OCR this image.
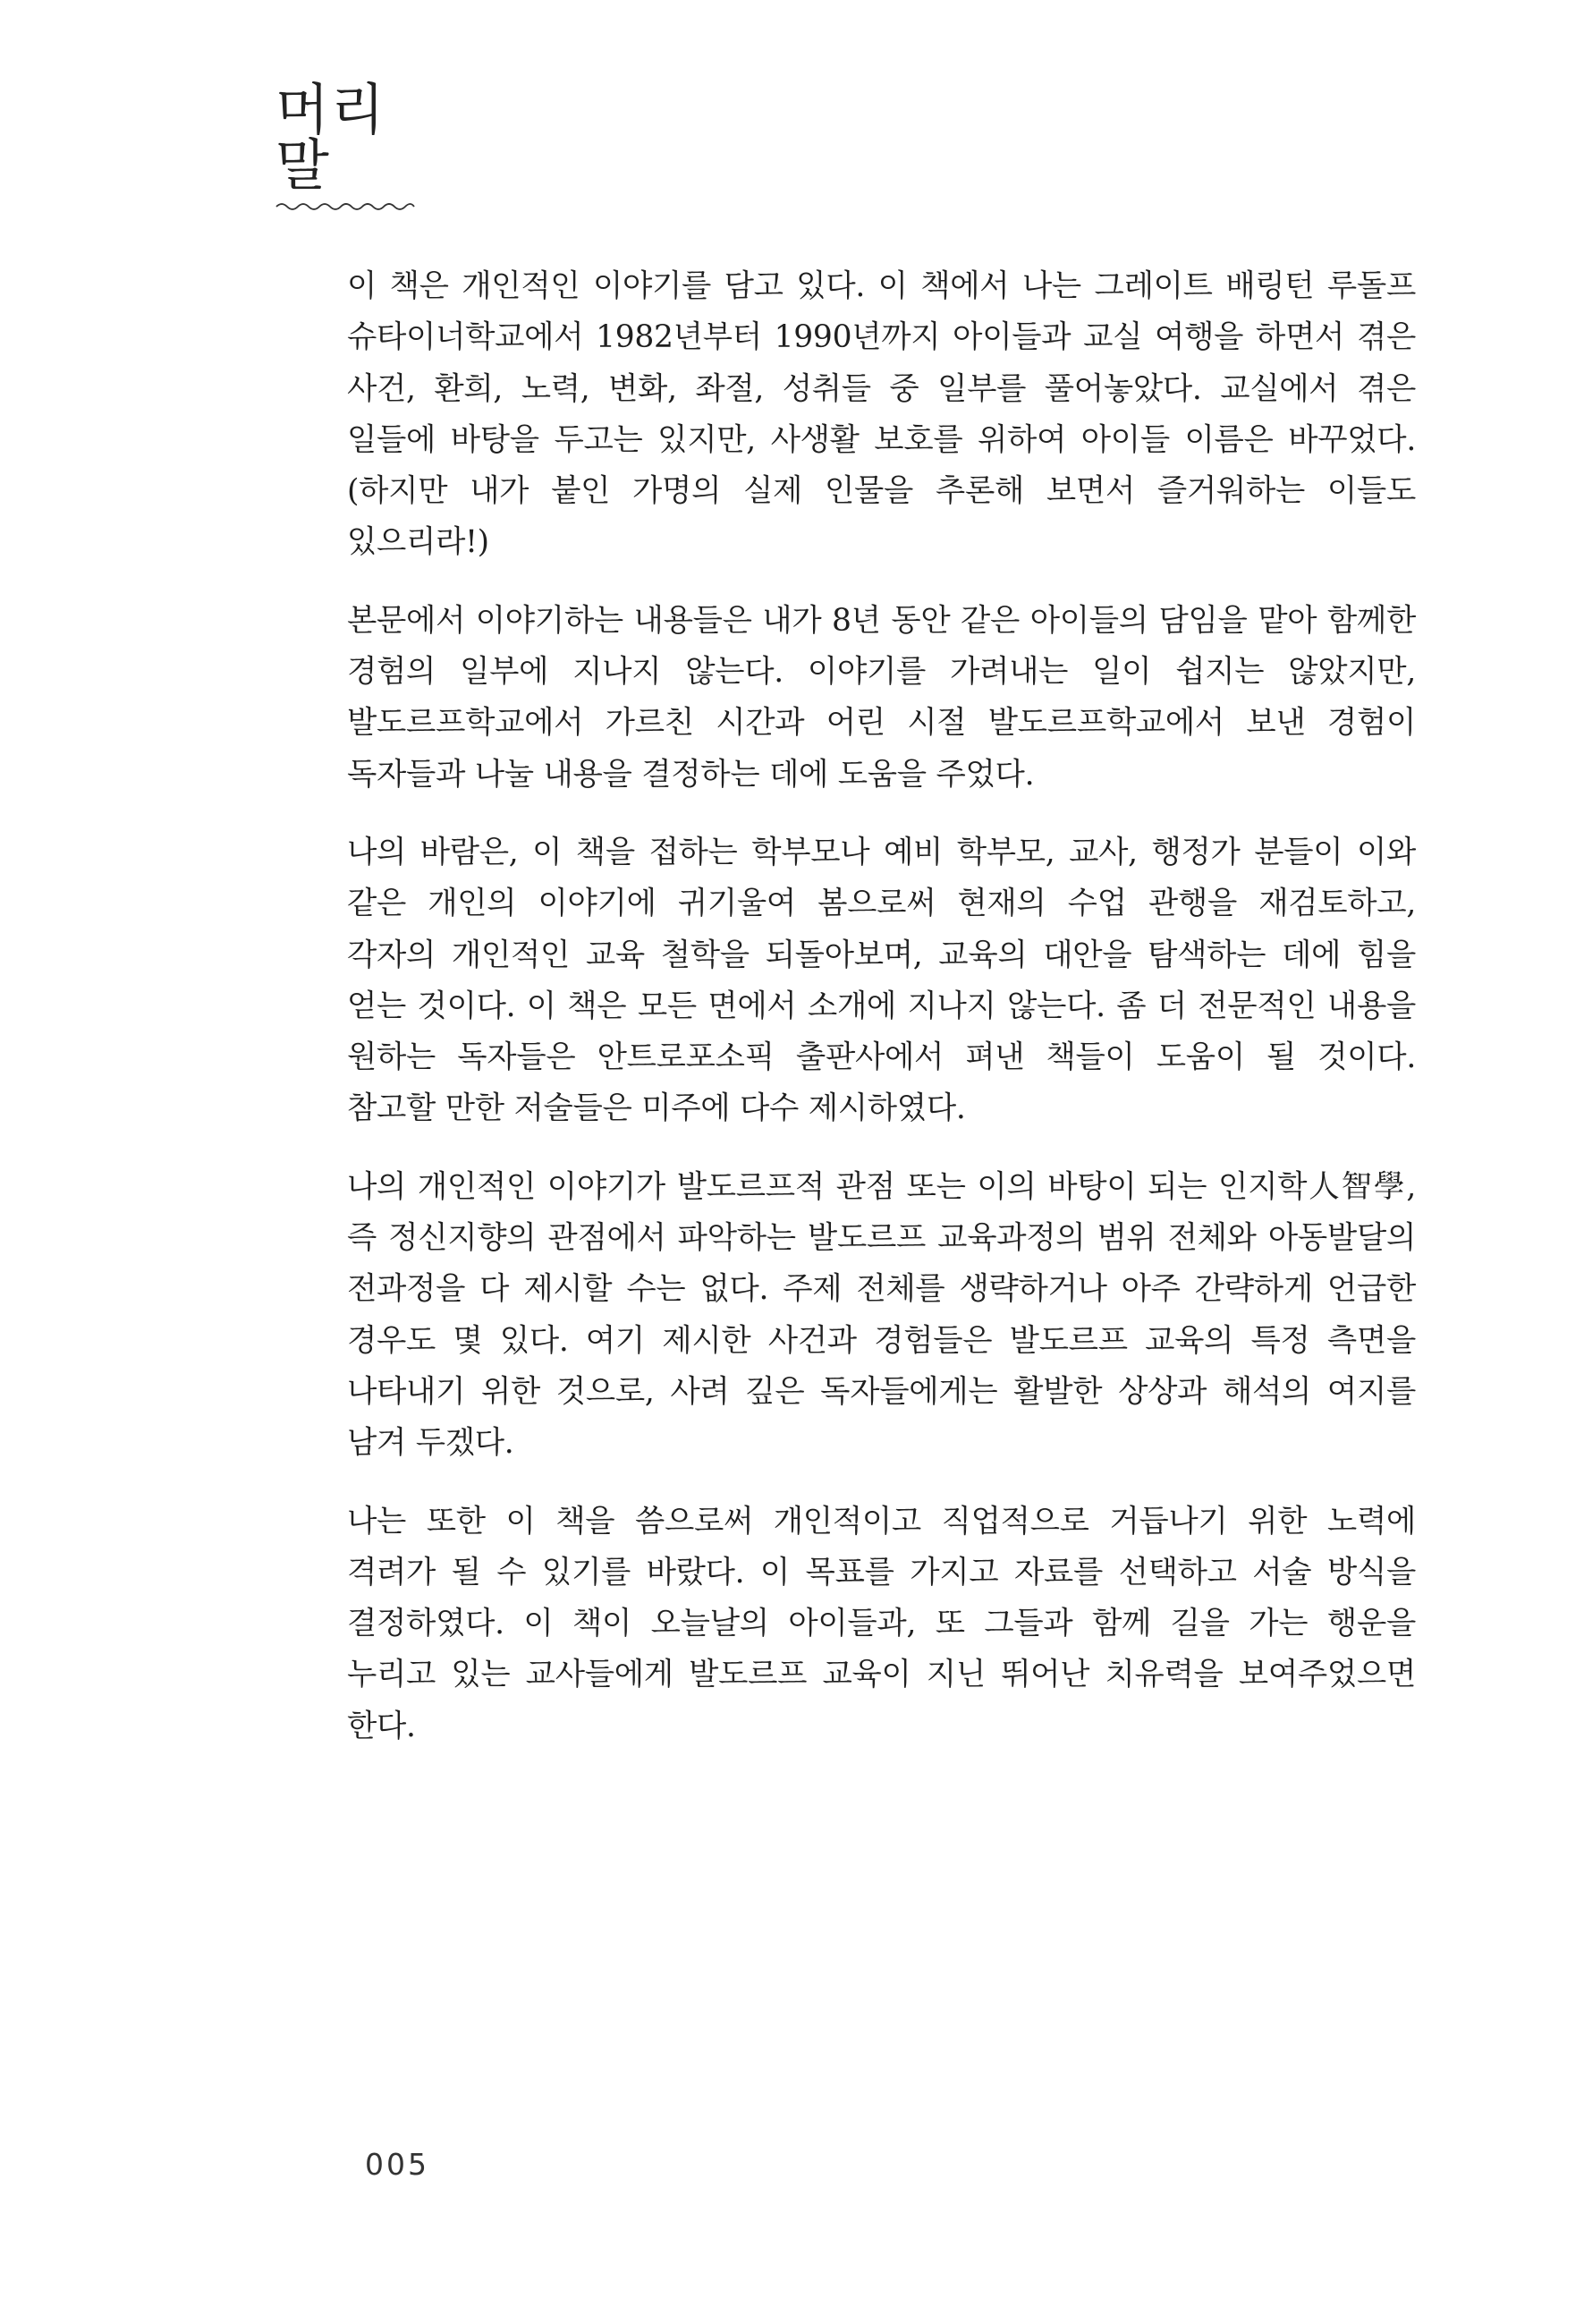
머리말

이 책은 개인적인 이야기를 담고 있다. 이 책에서 나는 그레이트 배링턴 루돌프 슈타이너학교에서 1982년부터 1990년까지 아이들과 교실 여행을 하면서 겪은 사건, 환희, 노력, 변화, 좌절, 성취들 중 일부를 풀어놓았다. 교실에서 겪은 일들에 바탕을 두고는 있지만, 사생활 보호를 위하여 아이들 이름은 바꾸었다. (하지만 내가 붙인 가명의 실제 인물을 추론해 보면서 즐거워하는 이들도 있으리라!)

본문에서 이야기하는 내용들은 내가 8년 동안 같은 아이들의 담임을 맡아 함께한 경험의 일부에 지나지 않는다. 이야기를 가려내는 일이 쉽지는 않았지만, 발도르프학교에서 가르친 시간과 어린 시절 발도르프학교에서 보낸 경험이 독자들과 나눌 내용을 결정하는 데에 도움을 주었다.

나의 바람은, 이 책을 접하는 학부모나 예비 학부모, 교사, 행정가 분들이 이와 같은 개인의 이야기에 귀기울여 봄으로써 현재의 수업 관행을 재검토하고, 각자의 개인적인 교육 철학을 되돌아보며, 교육의 대안을 탐색하는 데에 힘을 얻는 것이다. 이 책은 모든 면에서 소개에 지나지 않는다. 좀 더 전문적인 내용을 원하는 독자들은 안트로포소픽 출판사에서 펴낸 책들이 도움이 될 것이다. 참고할 만한 저술들은 미주에 다수 제시하였다.

나의 개인적인 이야기가 발도르프적 관점 또는 이의 바탕이 되는 인지학人智學, 즉 정신지향의 관점에서 파악하는 발도르프 교육과정의 범위 전체와 아동발달의 전과정을 다 제시할 수는 없다. 주제 전체를 생략하거나 아주 간략하게 언급한 경우도 몇 있다. 여기 제시한 사건과 경험들은 발도르프 교육의 특정 측면을 나타내기 위한 것으로, 사려 깊은 독자들에게는 활발한 상상과 해석의 여지를 남겨 두겠다.

나는 또한 이 책을 씀으로써 개인적이고 직업적으로 거듭나기 위한 노력에 격려가 될 수 있기를 바랐다. 이 목표를 가지고 자료를 선택하고 서술 방식을 결정하였다. 이 책이 오늘날의 아이들과, 또 그들과 함께 길을 가는 행운을 누리고 있는 교사들에게 발도르프 교육이 지닌 뛰어난 치유력을 보여주었으면 한다.

005
